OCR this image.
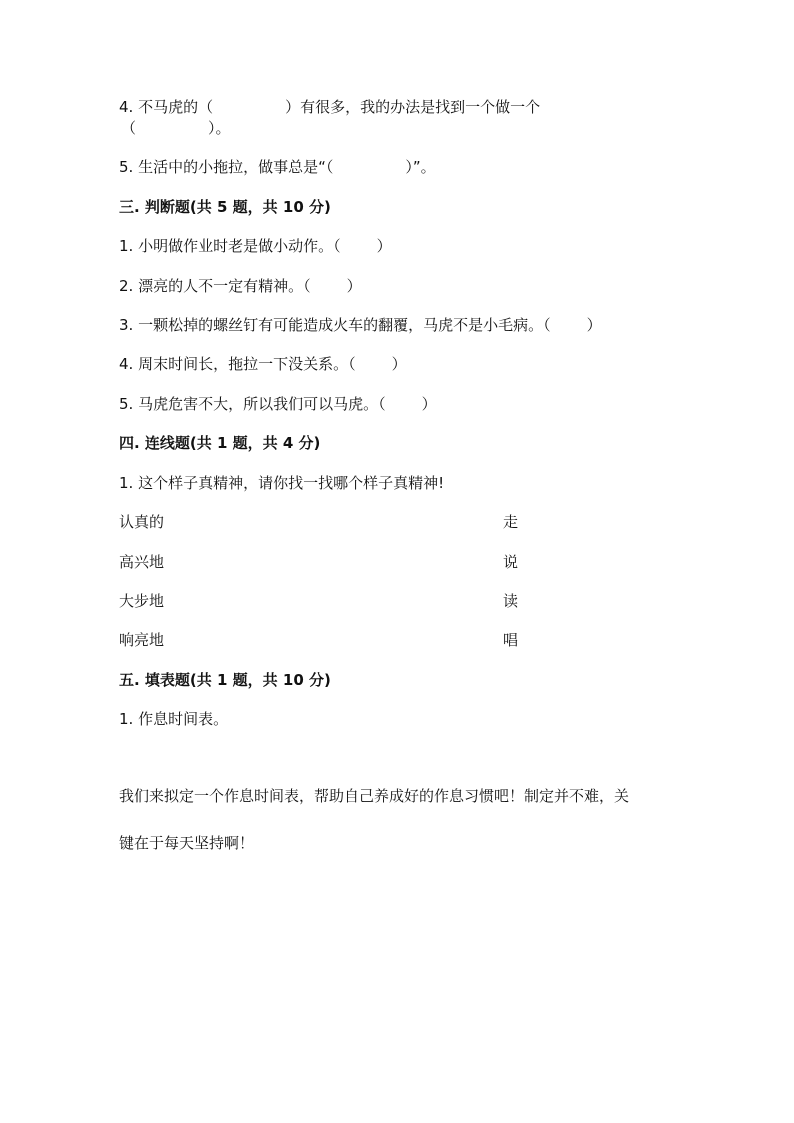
4. 不马虎的（	）有很多，我的办法是找到一个做一个
（	）。
5. 生活中的小拖拉，做事总是“（	）”。
三. 判断题(共 5 题，共 10 分)
1. 小明做作业时老是做小动作。（ ）
2. 漂亮的人不一定有精神。（ ）
3. 一颗松掉的螺丝钉有可能造成火车的翻覆，马虎不是小毛病。（ ）
4. 周末时间长，拖拉一下没关系。（ ）
5. 马虎危害不大，所以我们可以马虎。（ ）
四. 连线题(共 1 题，共 4 分)
1. 这个样子真精神，请你找一找哪个样子真精神!
认真的	走
高兴地	说
大步地	读
响亮地	唱
五. 填表题(共 1 题，共 10 分)
1. 作息时间表。
我们来拟定一个作息时间表，帮助自己养成好的作息习惯吧！制定并不难，关
键在于每天坚持啊！
